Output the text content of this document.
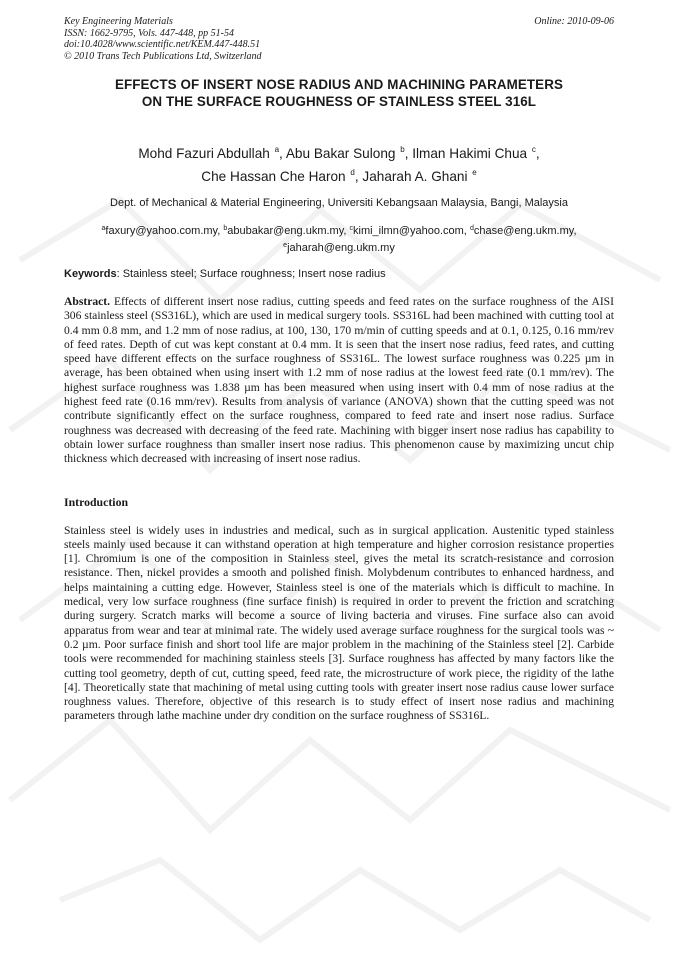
Key Engineering Materials
ISSN: 1662-9795, Vols. 447-448, pp 51-54
doi:10.4028/www.scientific.net/KEM.447-448.51
© 2010 Trans Tech Publications Ltd, Switzerland
Online: 2010-09-06
EFFECTS OF INSERT NOSE RADIUS AND MACHINING PARAMETERS
ON THE SURFACE ROUGHNESS OF STAINLESS STEEL 316L
Mohd Fazuri Abdullah $^a$, Abu Bakar Sulong $^b$, Ilman Hakimi Chua $^c$,
Che Hassan Che Haron $^d$, Jaharah A. Ghani $^e$
Dept. of Mechanical & Material Engineering, Universiti Kebangsaan Malaysia, Bangi, Malaysia
$^a$faxury@yahoo.com.my, $^b$abubakar@eng.ukm.my, $^c$kimi_ilmn@yahoo.com, $^d$chase@eng.ukm.my,
$^e$jaharah@eng.ukm.my
Keywords: Stainless steel; Surface roughness; Insert nose radius
Abstract. Effects of different insert nose radius, cutting speeds and feed rates on the surface roughness of the AISI 306 stainless steel (SS316L), which are used in medical surgery tools. SS316L had been machined with cutting tool at 0.4 mm 0.8 mm, and 1.2 mm of nose radius, at 100, 130, 170 m/min of cutting speeds and at 0.1, 0.125, 0.16 mm/rev of feed rates. Depth of cut was kept constant at 0.4 mm. It is seen that the insert nose radius, feed rates, and cutting speed have different effects on the surface roughness of SS316L. The lowest surface roughness was 0.225 µm in average, has been obtained when using insert with 1.2 mm of nose radius at the lowest feed rate (0.1 mm/rev). The highest surface roughness was 1.838 µm has been measured when using insert with 0.4 mm of nose radius at the highest feed rate (0.16 mm/rev). Results from analysis of variance (ANOVA) shown that the cutting speed was not contribute significantly effect on the surface roughness, compared to feed rate and insert nose radius. Surface roughness was decreased with decreasing of the feed rate. Machining with bigger insert nose radius has capability to obtain lower surface roughness than smaller insert nose radius. This phenomenon cause by maximizing uncut chip thickness which decreased with increasing of insert nose radius.
Introduction
Stainless steel is widely uses in industries and medical, such as in surgical application. Austenitic typed stainless steels mainly used because it can withstand operation at high temperature and higher corrosion resistance properties [1]. Chromium is one of the composition in Stainless steel, gives the metal its scratch-resistance and corrosion resistance. Then, nickel provides a smooth and polished finish. Molybdenum contributes to enhanced hardness, and helps maintaining a cutting edge. However, Stainless steel is one of the materials which is difficult to machine. In medical, very low surface roughness (fine surface finish) is required in order to prevent the friction and scratching during surgery. Scratch marks will become a source of living bacteria and viruses. Fine surface also can avoid apparatus from wear and tear at minimal rate. The widely used average surface roughness for the surgical tools was ~ 0.2 µm. Poor surface finish and short tool life are major problem in the machining of the Stainless steel [2]. Carbide tools were recommended for machining stainless steels [3]. Surface roughness has affected by many factors like the cutting tool geometry, depth of cut, cutting speed, feed rate, the microstructure of work piece, the rigidity of the lathe [4]. Theoretically state that machining of metal using cutting tools with greater insert nose radius cause lower surface roughness values. Therefore, objective of this research is to study effect of insert nose radius and machining parameters through lathe machine under dry condition on the surface roughness of SS316L.
